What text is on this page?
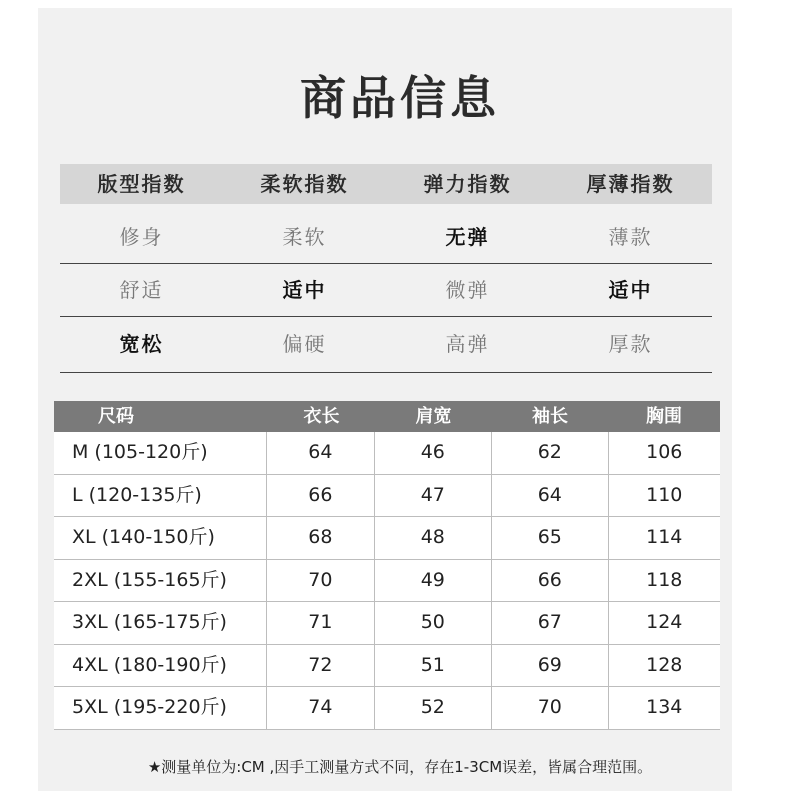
商品信息
版型指数	柔软指数	弹力指数	厚薄指数
修身	柔软	无弹	薄款
舒适	适中	微弹	适中
宽松	偏硬	高弹	厚款
尺码	衣长	肩宽	袖长	胸围
M (105-120斤)	64	46	62	106
L (120-135斤)	66	47	64	110
XL (140-150斤)	68	48	65	114
2XL (155-165斤)	70	49	66	118
3XL (165-175斤)	71	50	67	124
4XL (180-190斤)	72	51	69	128
5XL (195-220斤)	74	52	70	134
★测量单位为:CM ,因手工测量方式不同，存在1-3CM误差，皆属合理范围。
